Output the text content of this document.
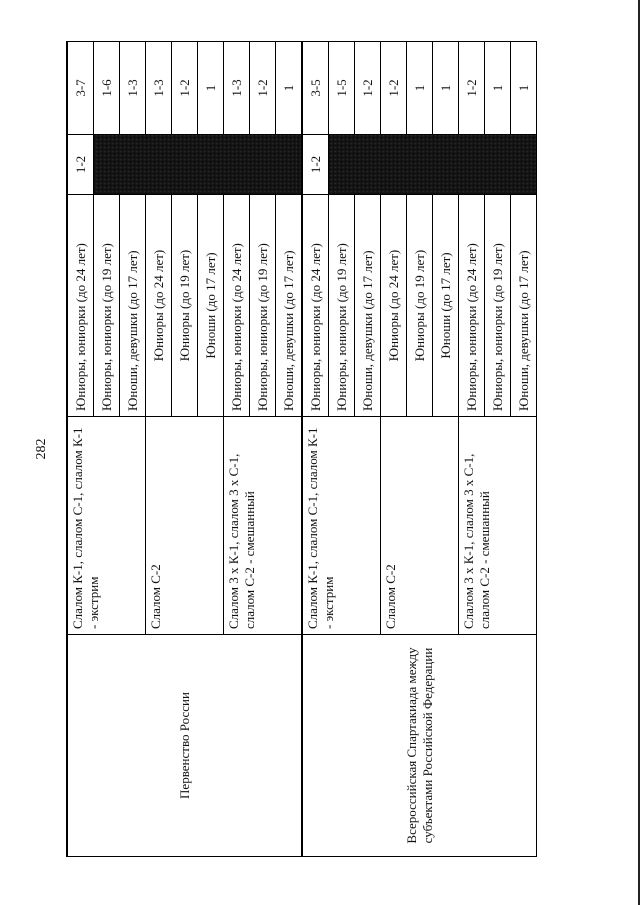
282
Первенство России	Слалом К-1, слалом С-1, слалом К-1 - экстрим	Юниоры, юниорки (до 24 лет)	1-2	3-7
		Юниоры, юниорки (до 19 лет)		1-6
		Юноши, девушки (до 17 лет)		1-3
	Слалом С-2	Юниоры (до 24 лет)		1-3
		Юниоры (до 19 лет)		1-2
		Юноши (до 17 лет)		1
	Слалом 3 х К-1, слалом 3 х С-1, слалом С-2 - смешанный	Юниоры, юниорки (до 24 лет)		1-3
		Юниоры, юниорки (до 19 лет)		1-2
		Юноши, девушки (до 17 лет)		1
Всероссийская Спартакиада между субъектами Российской Федерации	Слалом К-1, слалом С-1, слалом К-1 - экстрим	Юниоры, юниорки (до 24 лет)	1-2	3-5
		Юниоры, юниорки (до 19 лет)		1-5
		Юноши, девушки (до 17 лет)		1-2
	Слалом С-2	Юниоры (до 24 лет)		1-2
		Юниоры (до 19 лет)		1
		Юноши (до 17 лет)		1
	Слалом 3 х К-1, слалом 3 х С-1, слалом С-2 - смешанный	Юниоры, юниорки (до 24 лет)		1-2
		Юниоры, юниорки (до 19 лет)		1
		Юноши, девушки (до 17 лет)		1
